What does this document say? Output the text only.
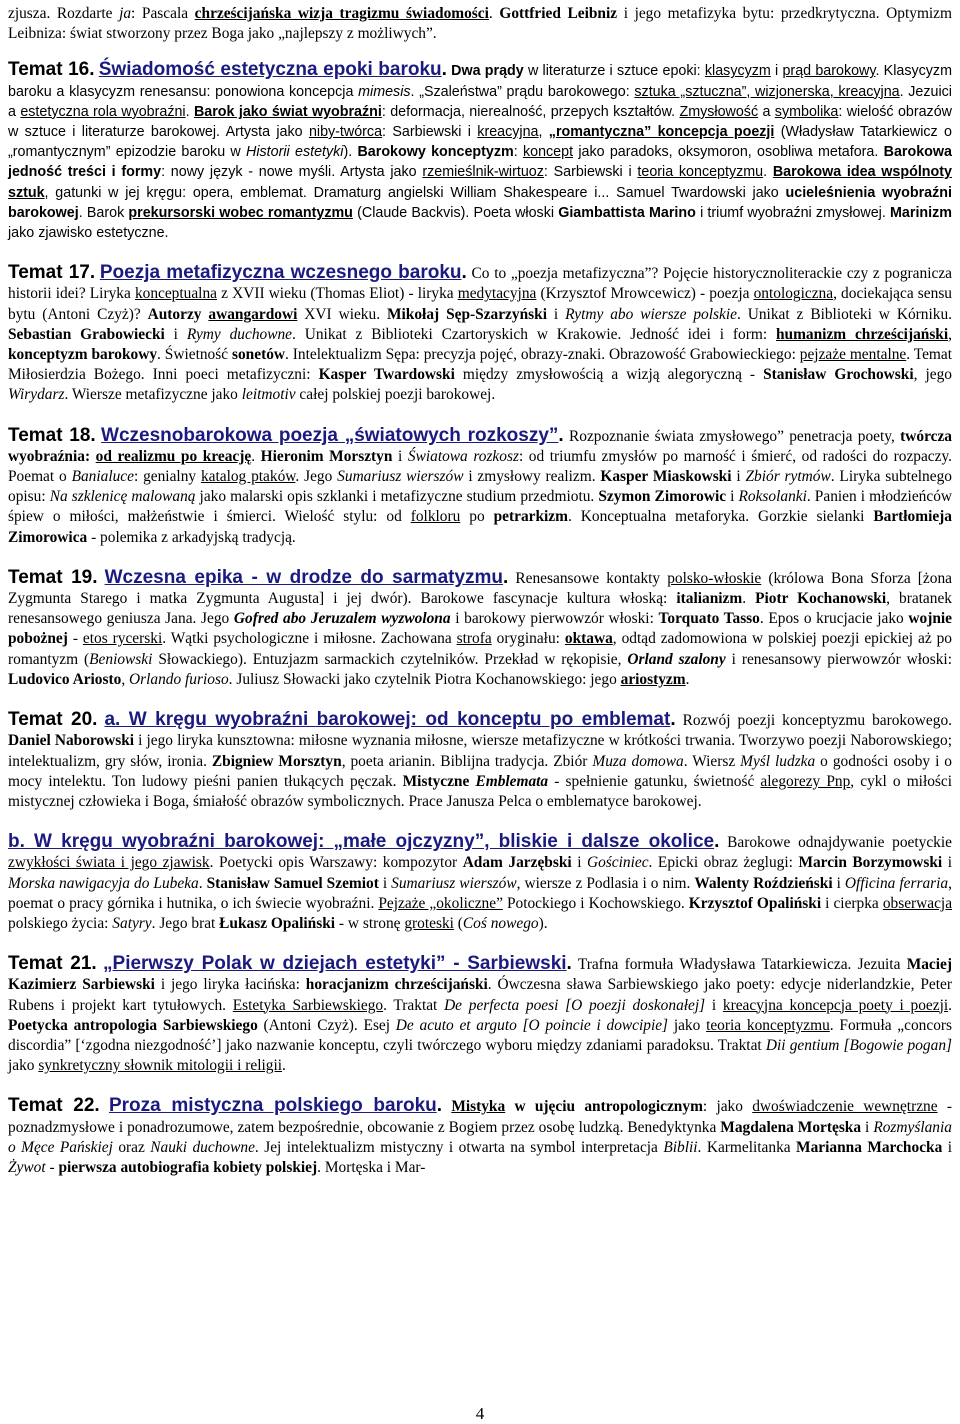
zjusza. Rozdarte ja: Pascala chrześcijańska wizja tragizmu świadomości. Gottfried Leibniz i jego metafizyka bytu: przedkrytyczna. Optymizm Leibniza: świat stworzony przez Boga jako „najlepszy z możliwych”.

Temat 16. Świadomość estetyczna epoki baroku. Dwa prądy w literaturze i sztuce epoki: klasycyzm i prąd barokowy. Klasycyzm baroku a klasycyzm renesansu: ponowiona koncepcja mimesis. „Szaleństwa” prądu barokowego: sztuka „sztuczna”, wizjonerska, kreacyjna. Jezuici a estetyczna rola wyobraźni. Barok jako świat wyobraźni: deformacja, nierealność, przepych kształtów. Zmysłowość a symbolika: wielość obrazów w sztuce i literaturze barokowej. Artysta jako niby-twórca: Sarbiewski i kreacyjna, „romantyczna” koncepcja poezji (Władysław Tatarkiewicz o „romantycznym” epizodzie baroku w Historii estetyki). Barokowy konceptyzm: koncept jako paradoks, oksymoron, osobliwa metafora. Barokowa jedność treści i formy: nowy język - nowe myśli. Artysta jako rzemieślnik-wirtuoz: Sarbiewski i teoria konceptyzmu. Barokowa idea wspólnoty sztuk, gatunki w jej kręgu: opera, emblemat. Dramaturg angielski William Shakespeare i... Samuel Twardowski jako ucieleśnienia wyobraźni barokowej. Barok prekursorski wobec romantyzmu (Claude Backvis). Poeta włoski Giambattista Marino i triumf wyobraźni zmysłowej. Marinizm jako zjawisko estetyczne.

Temat 17. Poezja metafizyczna wczesnego baroku. Co to „poezja metafizyczna”? Pojęcie historycznoliterackie czy z pogranicza historii idei? Liryka konceptualna z XVII wieku (Thomas Eliot) - liryka medytacyjna (Krzysztof Mrowcewicz) - poezja ontologiczna, dociekająca sensu bytu (Antoni Czyż)? Autorzy awangardowi XVI wieku. Mikołaj Sęp-Szarzyński i Rytmy abo wiersze polskie. Unikat z Biblioteki w Kórniku. Sebastian Grabowiecki i Rymy duchowne. Unikat z Biblioteki Czartoryskich w Krakowie. Jedność idei i form: humanizm chrześcijański, konceptyzm barokowy. Świetność sonetów. Intelektualizm Sępa: precyzja pojęć, obrazy-znaki. Obrazowość Grabowieckiego: pejzaże mentalne. Temat Miłosierdzia Bożego. Inni poeci metafizyczni: Kasper Twardowski między zmysłowością a wizją alegoryczną - Stanisław Grochowski, jego Wirydarz. Wiersze metafizyczne jako leitmotiv całej polskiej poezji barokowej.

Temat 18. Wczesnobarokowa poezja „światowych rozkoszy”. Rozpoznanie świata zmysłowego” penetracja poety, twórcza wyobraźnia: od realizmu po kreację. Hieronim Morsztyn i Światowa rozkosz: od triumfu zmysłów po marność i śmierć, od radości do rozpaczy. Poemat o Banialuce: genialny katalog ptaków. Jego Sumariusz wierszów i zmysłowy realizm. Kasper Miaskowski i Zbiór rytmów. Liryka subtelnego opisu: Na szklenicę malowaną jako malarski opis szklanki i metafizyczne studium przedmiotu. Szymon Zimorowic i Roksolanki. Panien i młodzieńców śpiew o miłości, małżeństwie i śmierci. Wielość stylu: od folkloru po petrarkizm. Konceptualna metaforyka. Gorzkie sielanki Bartłomieja Zimorowica - polemika z arkadyjską tradycją.

Temat 19. Wczesna epika - w drodze do sarmatyzmu. Renesansowe kontakty polsko-włoskie (królowa Bona Sforza [żona Zygmunta Starego i matka Zygmunta Augusta] i jej dwór). Barokowe fascynacje kultura włoską: italianizm. Piotr Kochanowski, bratanek renesansowego geniusza Jana. Jego Gofred abo Jeruzalem wyzwolona i barokowy pierwowzór włoski: Torquato Tasso. Epos o krucjacie jako wojnie pobożnej - etos rycerski. Wątki psychologiczne i miłosne. Zachowana strofa oryginału: oktawa, odtąd zadomowiona w polskiej poezji epickiej aż po romantyzm (Beniowski Słowackiego). Entuzjazm sarmackich czytelników. Przekład w rękopisie, Orland szalony i renesansowy pierwowzór włoski: Ludovico Ariosto, Orlando furioso. Juliusz Słowacki jako czytelnik Piotra Kochanowskiego: jego ariostyzm.

Temat 20. a. W kręgu wyobraźni barokowej: od konceptu po emblemat. Rozwój poezji konceptyzmu barokowego. Daniel Naborowski i jego liryka kunsztowna: miłosne wyznania miłosne, wiersze metafizyczne w krótkości trwania. Tworzywo poezji Naborowskiego; intelektualizm, gry słów, ironia. Zbigniew Morsztyn, poeta arianin. Biblijna tradycja. Zbiór Muza domowa. Wiersz Myśl ludzka o godności osoby i o mocy intelektu. Ton ludowy pieśni panien tłukących pęczak. Mistyczne Emblemata - spełnienie gatunku, świetność alegorezy Pnp, cykl o miłości mistycznej człowieka i Boga, śmiałość obrazów symbolicznych. Prace Janusza Pelca o emblematyce barokowej.

b. W kręgu wyobraźni barokowej: „małe ojczyzny”, bliskie i dalsze okolice. Barokowe odnajdywanie poetyckie zwykłości świata i jego zjawisk. Poetycki opis Warszawy: kompozytor Adam Jarzębski i Gościniec. Epicki obraz żeglugi: Marcin Borzymowski i Morska nawigacyja do Lubeka. Stanisław Samuel Szemiot i Sumariusz wierszów, wiersze z Podlasia i o nim. Walenty Roździeński i Officina ferraria, poemat o pracy górnika i hutnika, o ich świecie wyobraźni. Pejzaże „okoliczne” Potockiego i Kochowskiego. Krzysztof Opaliński i cierpka obserwacja polskiego życia: Satyry. Jego brat Łukasz Opaliński - w stronę groteski (Coś nowego).

Temat 21. „Pierwszy Polak w dziejach estetyki” - Sarbiewski. Trafna formuła Władysława Tatarkiewicza. Jezuita Maciej Kazimierz Sarbiewski i jego liryka łacińska: horacjanizm chrześcijański. Ówczesna sława Sarbiewskiego jako poety: edycje niderlandzkie, Peter Rubens i projekt kart tytułowych. Estetyka Sarbiewskiego. Traktat De perfecta poesi [O poezji doskonałej] i kreacyjna koncepcja poety i poezji. Poetycka antropologia Sarbiewskiego (Antoni Czyż). Esej De acuto et arguto [O poincie i dowcipie] jako teoria konceptyzmu. Formuła „concors discordia” [‘zgodna niezgodność’] jako nazwanie konceptu, czyli twórczego wyboru między zdaniami paradoksu. Traktat Dii gentium [Bogowie pogan] jako synkretyczny słownik mitologii i religii.

Temat 22. Proza mistyczna polskiego baroku. Mistyka w ujęciu antropologicznym: jako dwoświadczenie wewnętrzne - poznadzmysłowe i ponadrozumowe, zatem bezpośrednie, obcowanie z Bogiem przez osobę ludzką. Benedyktynka Magdalena Mortęska i Rozmyślania o Męce Pańskiej oraz Nauki duchowne. Jej intelektualizm mistyczny i otwarta na symbol interpretacja Biblii. Karmelitanka Marianna Marchocka i Żywot - pierwsza autobiografia kobiety polskiej. Mortęska i Mar-

4
